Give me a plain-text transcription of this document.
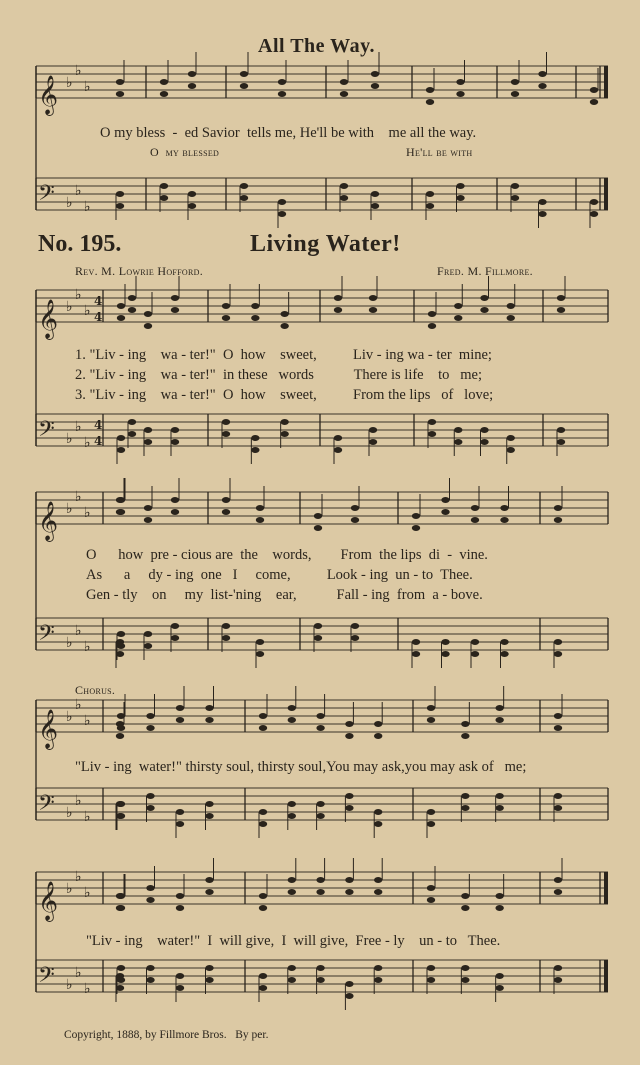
𝄞 ♭
♭
♭
𝄢 ♭
♭
♭
𝄞 ♭
♭
♭
4
4
𝄢 ♭
♭
♭
4
4
𝄞 ♭
♭
♭
𝄢 ♭
♭
♭
𝄞 ♭
♭
♭
𝄢 ♭
♭
♭
𝄞 ♭
♭
♭
𝄢 ♭
♭
♭
All The Way.
O my bless  -  ed Savior  tells me, He'll be with    me all the way.
O  my blessed	He'll be with
No. 195.	Living Water!
Rev. M. Lowrie Hofford.	Fred. M. Fillmore.
1. "Liv - ing    wa - ter!"  O  how    sweet,          Liv - ing wa - ter  mine;
2. "Liv - ing    wa - ter!"  in these   words           There is life    to   me;
3. "Liv - ing    wa - ter!"  O  how    sweet,          From the lips   of   love;
O      how  pre - cious are  the    words,        From  the lips  di  -  vine.
As      a     dy - ing  one   I     come,          Look - ing  un - to  Thee.
Gen - tly    on     my  list-'ning    ear,           Fall - ing  from  a - bove.
Chorus.
"Liv - ing  water!" thirsty soul, thirsty soul,You may ask,you may ask of   me;
"Liv - ing    water!"  I  will give,  I  will give,  Free - ly    un - to   Thee.
Copyright, 1888, by Fillmore Bros.   By per.
